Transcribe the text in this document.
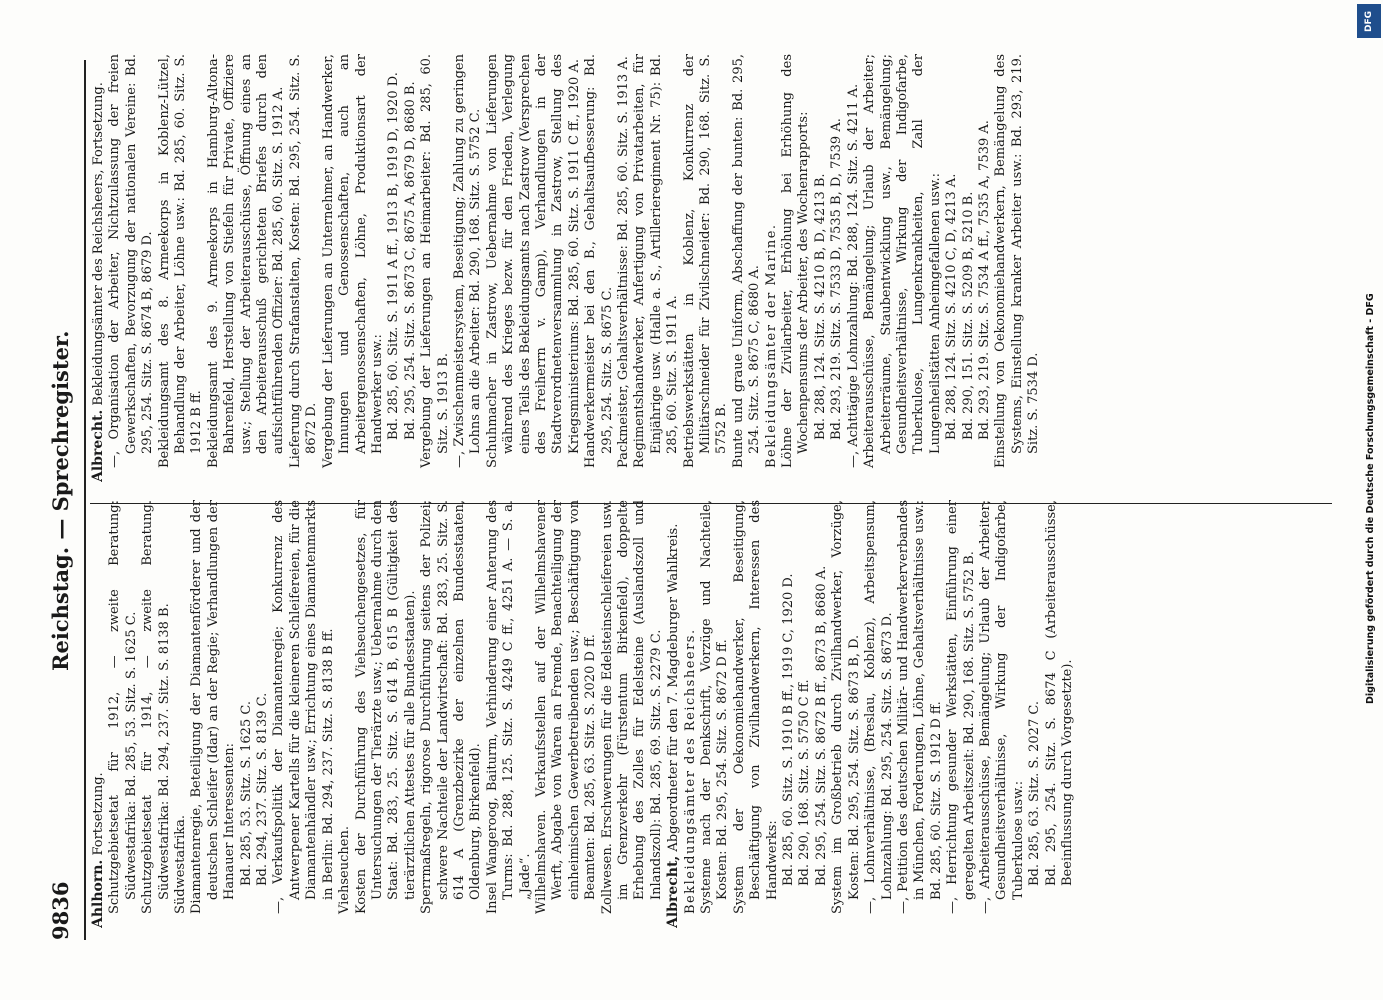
9836
Reichstag. — Sprechregister.

Ahlhorn. Fortsetzung. Schutzgebietsetat für 1912, — zweite Beratung: Südwestafrika: Bd. 285, 53. Sitz. S. 1625 C. Schutzgebietsetat für 1914, — zweite Beratung. Südwestafrika: Bd. 294, 237. Sitz. S. 8138 B. Südwestafrika. Diamantenregie, Beteiligung der Diamantenförderer und der deutschen Schleifer (Idar) an der Regie; Verhandlungen der Hanauer Interessenten: Bd. 285, 53. Sitz. S. 1625 C. Bd. 294, 237. Sitz. S. 8139 C. —, Verkaufspolitik der Diamantenregie; Konkurrenz des Antwerpener Kartells für die kleineren Schleifereien, für die Diamantenhändler usw.; Errichtung eines Diamantenmarkts in Berlin: Bd. 294, 237. Sitz. S. 8138 B ff. Viehseuchen. Kosten der Durchführung des Viehseuchengesetzes, für Untersuchungen der Tierärzte usw.; Uebernahme durch den Staat: Bd. 283, 25. Sitz. S. 614 B, 615 B (Gültigkeit des tierärztlichen Attestes für alle Bundesstaaten). Sperrmaßregeln, rigorose Durchführung seitens der Polizei; schwere Nachteile der Landwirtschaft: Bd. 283, 25. Sitz. S. 614 A (Grenzbezirke der einzelnen Bundesstaaten, Oldenburg, Birkenfeld). Insel Wangeroog, Baiturm, Verhinderung einer Anterung des Turms: Bd. 288, 125. Sitz. S. 4249 C ff., 4251 A. — S. a. „Jade“. Wilhelmshaven. Verkaufsstellen auf der Wilhelmshavener Werft, Abgabe von Waren an Fremde, Benachteiligung der einheimischen Gewerbetreibenden usw.; Beschäftigung von Beamten: Bd. 285, 63. Sitz. S. 2020 D ff. Zollwesen. Erschwerungen für die Edelsteinschleifereien usw. im Grenzverkehr (Fürstentum Birkenfeld), doppelte Erhebung des Zolles für Edelsteine (Auslandszoll und Inlandszoll): Bd. 285, 69. Sitz. S. 2279 C. Albrecht, Abgeordneter für den 7. Magdeburger Wahlkreis. Bekleidungsämter des Reichsheers. Systeme nach der Denkschrift, Vorzüge und Nachteile, Kosten: Bd. 295, 254. Sitz. S. 8672 D ff. System der Oekonomiehandwerker, Beseitigung, Beschäftigung von Zivilhandwerkern, Interessen des Handwerks: Bd. 285, 60. Sitz. S. 1910 B ff., 1919 C, 1920 D. Bd. 290, 168. Sitz. S. 5750 C ff. Bd. 295, 254. Sitz. S. 8672 B ff., 8673 B, 8680 A. System im Großbetrieb durch Zivilhandwerker, Vorzüge, Kosten: Bd. 295, 254. Sitz. S. 8673 B, D. —, Lohnverhältnisse, (Breslau, Koblenz), Arbeitspensum, Lohnzahlung: Bd. 295, 254. Sitz. S. 8673 D. —, Petition des deutschen Militär- und Handwerkerverbandes in München, Forderungen, Löhne, Gehaltsverhältnisse usw.: Bd. 285, 60. Sitz. S. 1912 D ff. —, Herrichtung gesunder Werkstätten, Einführung einer geregelten Arbeitszeit: Bd. 290, 168. Sitz. S. 5752 B. —, Arbeiterausschüsse, Bemängelung; Urlaub der Arbeiter; Gesundheitsverhältnisse, Wirkung der Indigofarbe, Tuberkulose usw.: Bd. 285, 63. Sitz. S. 2027 C. Bd. 295, 254. Sitz. S. 8674 C (Arbeiterausschüsse, Beeinflussung durch Vorgesetzte).

Albrecht. Bekleidungsämter des Reichsheers, Fortsetzung. —, Organisation der Arbeiter, Nichtzulassung der freien Gewerkschaften, Bevorzugung der nationalen Vereine: Bd. 295, 254. Sitz. S. 8674 B, 8679 D. Bekleidungsamt des 8. Armeekorps in Koblenz-Lützel, Behandlung der Arbeiter, Löhne usw.: Bd. 285, 60. Sitz. S. 1912 B ff. Bekleidungsamt des 9. Armeekorps in Hamburg-Altona-Bahrenfeld, Herstellung von Stiefeln für Private, Offiziere usw.; Stellung der Arbeiterausschüsse, Öffnung eines an den Arbeiterausschuß gerichteten Briefes durch den aufsichtführenden Offizier: Bd. 285, 60. Sitz. S. 1912 A. Lieferung durch Strafanstalten, Kosten: Bd. 295, 254. Sitz. S. 8672 D. Vergebung der Lieferungen an Unternehmer, an Handwerker, Innungen und Genossenschaften, auch an Arbeitergenossenschaften, Löhne, Produktionsart der Handwerker usw.: Bd. 285, 60. Sitz. S. 1911 A ff., 1913 B, 1919 D, 1920 D. Bd. 295, 254. Sitz. S. 8673 C, 8675 A, 8679 D, 8680 B. Vergebung der Lieferungen an Heimarbeiter: Bd. 285, 60. Sitz. S. 1913 B. —, Zwischenmeistersystem, Beseitigung; Zahlung zu geringen Lohns an die Arbeiter: Bd. 290, 168. Sitz. S. 5752 C. Schuhmacher in Zastrow, Uebernahme von Lieferungen während des Krieges bezw. für den Frieden, Verlegung eines Teils des Bekleidungsamts nach Zastrow (Versprechen des Freiherrn v. Gamp), Verhandlungen in der Stadtverordnetenversammlung in Zastrow, Stellung des Kriegsministeriums: Bd. 285, 60. Sitz. S. 1911 C ff., 1920 A. Handwerkermeister bei den B., Gehaltsaufbesserung: Bd. 295, 254. Sitz. S. 8675 C. Packmeister, Gehaltsverhältnisse: Bd. 285, 60. Sitz. S. 1913 A. Regimentshandwerker, Anfertigung von Privatarbeiten, für Einjährige usw. (Halle a. S., Artillerieregiment Nr. 75): Bd. 285, 60. Sitz. S. 1911 A. Betriebswerkstätten in Koblenz, Konkurrenz der Militärschneider für Zivilschneider: Bd. 290, 168. Sitz. S. 5752 B. Bunte und graue Uniform, Abschaffung der bunten: Bd. 295, 254. Sitz. S. 8675 C, 8680 A. Bekleidungsämter der Marine. Löhne der Zivilarbeiter, Erhöhung bei Erhöhung des Wochenpensums der Arbeiter, des Wochenrapports: Bd. 288, 124. Sitz. S. 4210 B, D, 4213 B. Bd. 293, 219. Sitz. S. 7533 D, 7535 B, D, 7539 A. —, Achttägige Lohnzahlung: Bd. 288, 124. Sitz. S. 4211 A. Arbeiterausschüsse, Bemängelung; Urlaub der Arbeiter; Arbeiterräume, Staubentwicklung usw., Bemängelung; Gesundheitsverhältnisse, Wirkung der Indigofarbe, Tuberkulose, Lungenkrankheiten, Zahl der Lungenheilstätten Anheimgefallenen usw.: Bd. 288, 124. Sitz. S. 4210 C, D, 4213 A. Bd. 290, 151. Sitz. S. 5209 B, 5210 B. Bd. 293, 219. Sitz. S. 7534 A ff., 7535 A, 7539 A. Einstellung von Oekonomiehandwerkern, Bemängelung des Systems, Einstellung kranker Arbeiter usw.: Bd. 293, 219. Sitz. S. 7534 D.

DFG
Digitalisierung gefördert durch die Deutsche Forschungsgemeinschaft - DFG
